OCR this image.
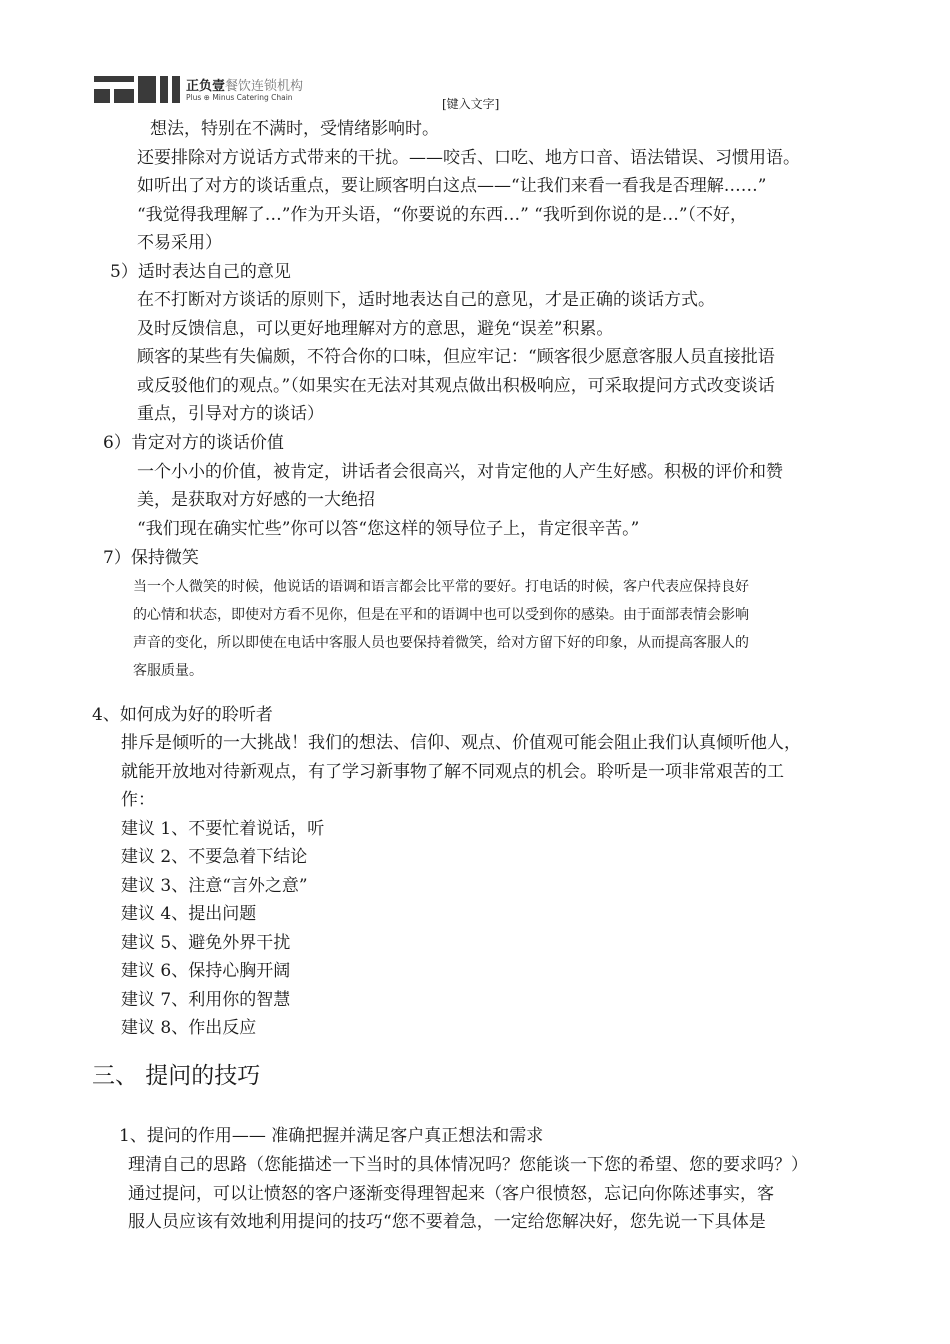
正负壹餐饮连锁机构
Plus ⊕ Minus Catering Chain	[键入文字]
想法，特别在不满时，受情绪影响时。
还要排除对方说话方式带来的干扰。——咬舌、口吃、地方口音、语法错误、习惯用语。
如听出了对方的谈话重点，要让顾客明白这点——“让我们来看一看我是否理解……”
“我觉得我理解了…”作为开头语，“你要说的东西…” “我听到你说的是…”（不好，
不易采用）
5）适时表达自己的意见
在不打断对方谈话的原则下，适时地表达自己的意见，才是正确的谈话方式。
及时反馈信息，可以更好地理解对方的意思，避免“误差”积累。
顾客的某些有失偏颇，不符合你的口味，但应牢记：“顾客很少愿意客服人员直接批语
或反驳他们的观点。”（如果实在无法对其观点做出积极响应，可采取提问方式改变谈话
重点，引导对方的谈话）
6）肯定对方的谈话价值
一个小小的价值，被肯定，讲话者会很高兴，对肯定他的人产生好感。积极的评价和赞
美，是获取对方好感的一大绝招
“我们现在确实忙些”你可以答“您这样的领导位子上，肯定很辛苦。”
7）保持微笑
当一个人微笑的时候，他说话的语调和语言都会比平常的要好。打电话的时候，客户代表应保持良好
的心情和状态，即使对方看不见你，但是在平和的语调中也可以受到你的感染。由于面部表情会影响
声音的变化，所以即使在电话中客服人员也要保持着微笑，给对方留下好的印象，从而提高客服人的
客服质量。
4、如何成为好的聆听者
排斥是倾听的一大挑战！我们的想法、信仰、观点、价值观可能会阻止我们认真倾听他人，
就能开放地对待新观点，有了学习新事物了解不同观点的机会。聆听是一项非常艰苦的工
作：
建议 1、不要忙着说话，听
建议 2、不要急着下结论
建议 3、注意“言外之意”
建议 4、提出问题
建议 5、避免外界干扰
建议 6、保持心胸开阔
建议 7、利用你的智慧
建议 8、作出反应
三、 提问的技巧
1、提问的作用—— 准确把握并满足客户真正想法和需求
理清自己的思路（您能描述一下当时的具体情况吗？您能谈一下您的希望、您的要求吗？）
通过提问，可以让愤怒的客户逐渐变得理智起来（客户很愤怒，忘记向你陈述事实，客
服人员应该有效地利用提问的技巧“您不要着急，一定给您解决好，您先说一下具体是
